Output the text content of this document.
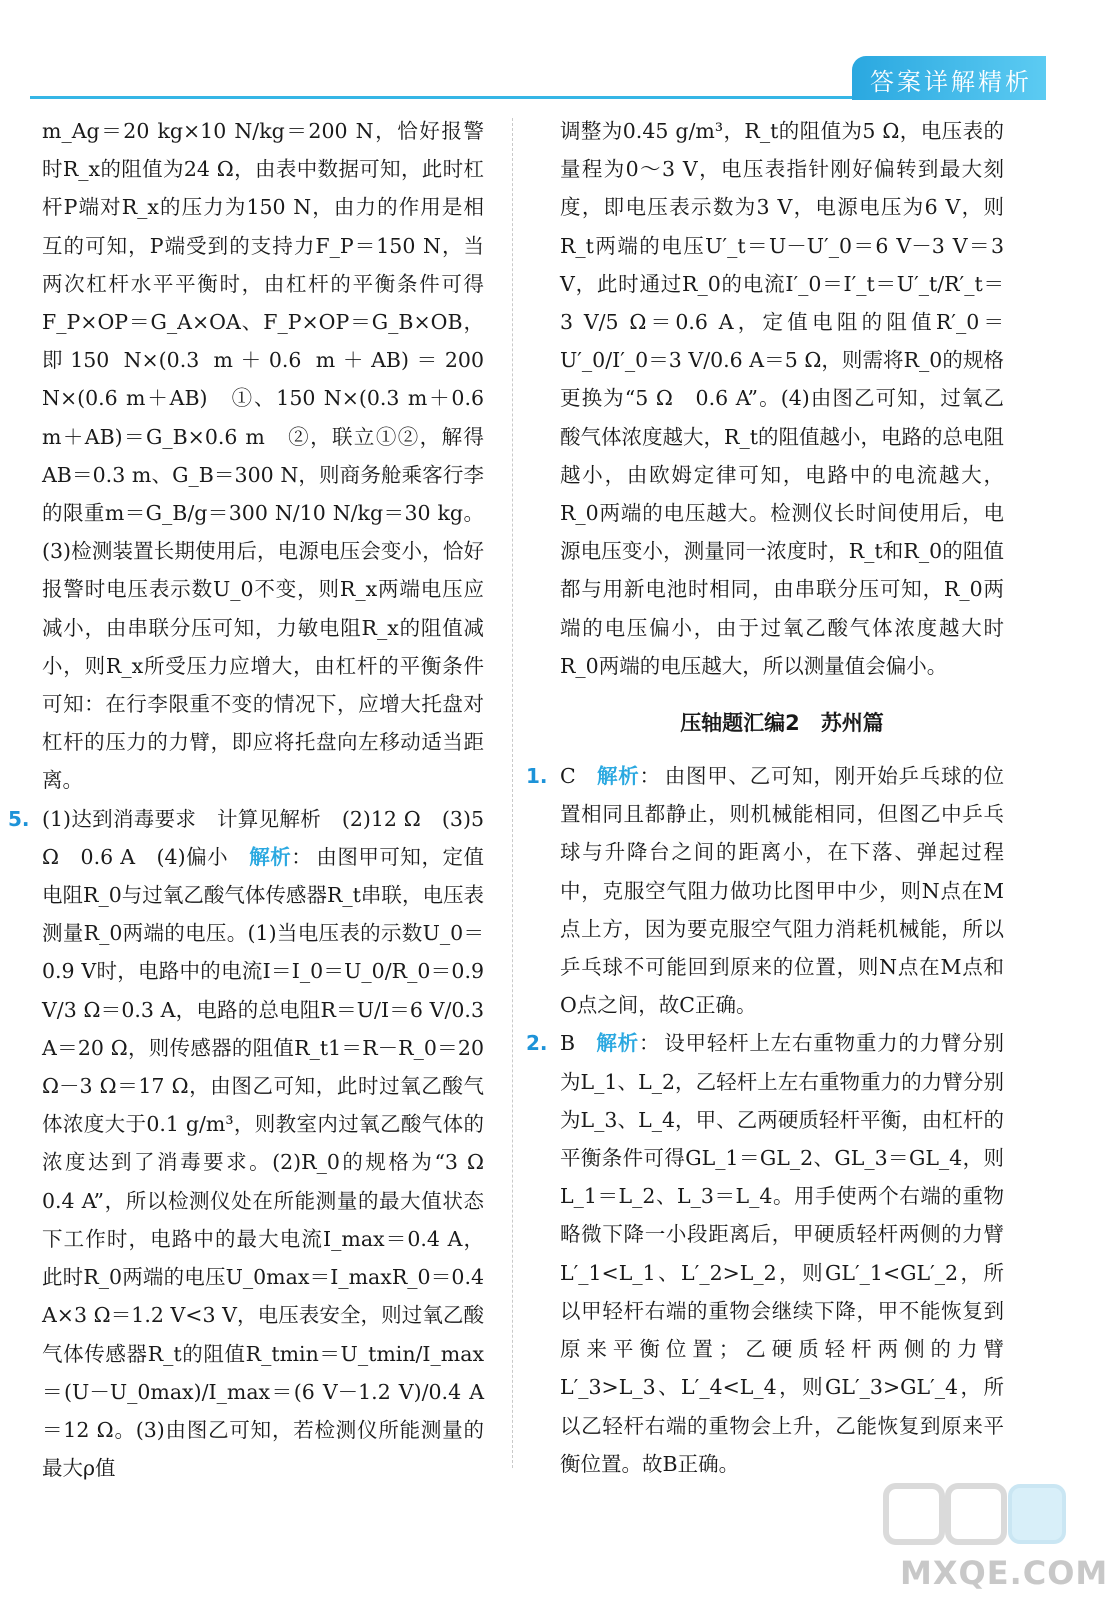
答案详解精析

m_Ag＝20 kg×10 N/kg＝200 N，恰好报警时R_x的阻值为24 Ω，由表中数据可知，此时杠杆P端对R_x的压力为150 N，由力的作用是相互的可知，P端受到的支持力F_P＝150 N，当两次杠杆水平平衡时，由杠杆的平衡条件可得F_P×OP＝G_A×OA、F_P×OP＝G_B×OB，即150 N×(0.3 m＋0.6 m＋AB)＝200 N×(0.6 m＋AB)　①、150 N×(0.3 m＋0.6 m＋AB)＝G_B×0.6 m　②，联立①②，解得AB＝0.3 m、G_B＝300 N，则商务舱乘客行李的限重m＝G_B/g＝300 N/10 N/kg＝30 kg。(3)检测装置长期使用后，电源电压会变小，恰好报警时电压表示数U_0不变，则R_x两端电压应减小，由串联分压可知，力敏电阻R_x的阻值减小，则R_x所受压力应增大，由杠杆的平衡条件可知：在行李限重不变的情况下，应增大托盘对杠杆的压力的力臂，即应将托盘向左移动适当距离。

5. (1)达到消毒要求　计算见解析　(2)12 Ω　(3)5 Ω　0.6 A　(4)偏小 解析 ： 由图甲可知，定值电阻R_0与过氧乙酸气体传感器R_t串联，电压表测量R_0两端的电压。(1)当电压表的示数U_0＝0.9 V时，电路中的电流I＝I_0＝U_0/R_0＝0.9 V/3 Ω＝0.3 A，电路的总电阻R＝U/I＝6 V/0.3 A＝20 Ω，则传感器的阻值R_t1＝R－R_0＝20 Ω－3 Ω＝17 Ω，由图乙可知，此时过氧乙酸气体浓度大于0.1 g/m³，则教室内过氧乙酸气体的浓度达到了消毒要求。(2)R_0的规格为“3 Ω　0.4 A”，所以检测仪处在所能测量的最大值状态下工作时，电路中的最大电流I_max＝0.4 A，此时R_0两端的电压U_0max＝I_maxR_0＝0.4 A×3 Ω＝1.2 V<3 V，电压表安全，则过氧乙酸气体传感器R_t的阻值R_tmin＝U_tmin/I_max＝(U－U_0max)/I_max＝(6 V－1.2 V)/0.4 A＝12 Ω。(3)由图乙可知，若检测仪所能测量的最大ρ值

调整为0.45 g/m³，R_t的阻值为5 Ω，电压表的量程为0～3 V，电压表指针刚好偏转到最大刻度，即电压表示数为3 V，电源电压为6 V，则R_t两端的电压U′_t＝U－U′_0＝6 V－3 V＝3 V，此时通过R_0的电流I′_0＝I′_t＝U′_t/R′_t＝3 V/5 Ω＝0.6 A，定值电阻的阻值R′_0＝U′_0/I′_0＝3 V/0.6 A＝5 Ω，则需将R_0的规格更换为“5 Ω　0.6 A”。(4)由图乙可知，过氧乙酸气体浓度越大，R_t的阻值越小，电路的总电阻越小，由欧姆定律可知，电路中的电流越大，R_0两端的电压越大。检测仪长时间使用后，电源电压变小，测量同一浓度时，R_t和R_0的阻值都与用新电池时相同，由串联分压可知，R_0两端的电压偏小，由于过氧乙酸气体浓度越大时R_0两端的电压越大，所以测量值会偏小。

压轴题汇编2　苏州篇
1. C 解析 ： 由图甲、乙可知，刚开始乒乓球的位置相同且都静止，则机械能相同，但图乙中乒乓球与升降台之间的距离小，在下落、弹起过程中，克服空气阻力做功比图甲中少，则N点在M点上方，因为要克服空气阻力消耗机械能，所以乒乓球不可能回到原来的位置，则N点在M点和O点之间，故C正确。
2. B 解析 ： 设甲轻杆上左右重物重力的力臂分别为L_1、L_2，乙轻杆上左右重物重力的力臂分别为L_3、L_4，甲、乙两硬质轻杆平衡，由杠杆的平衡条件可得GL_1＝GL_2、GL_3＝GL_4，则L_1＝L_2、L_3＝L_4。用手使两个右端的重物略微下降一小段距离后，甲硬质轻杆两侧的力臂L′_1<L_1、L′_2>L_2，则GL′_1<GL′_2，所以甲轻杆右端的重物会继续下降，甲不能恢复到原来平衡位置；乙硬质轻杆两侧的力臂L′_3>L_3、L′_4<L_4，则GL′_3>GL′_4，所以乙轻杆右端的重物会上升，乙能恢复到原来平衡位置。故B正确。
MXQE.COM
